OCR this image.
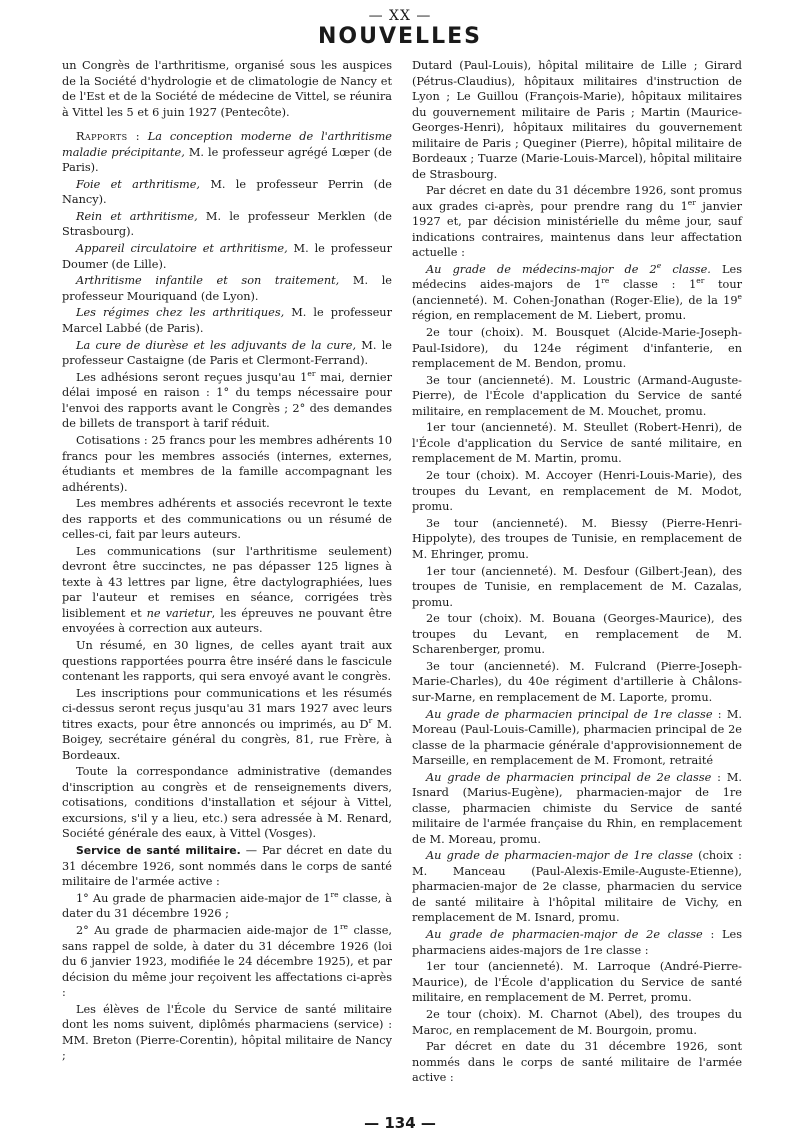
— XX —
NOUVELLES

un Congrès de l'arthritisme, organisé sous les auspices de la Société d'hydrologie et de climatologie de Nancy et de l'Est et de la Société de médecine de Vittel, se réunira à Vittel les 5 et 6 juin 1927 (Pentecôte).

Rapports : La conception moderne de l'arthritisme maladie précipitante, M. le professeur agrégé Lœper (de Paris).

Foie et arthritisme, M. le professeur Perrin (de Nancy).

Rein et arthritisme, M. le professeur Merklen (de Strasbourg).

Appareil circulatoire et arthritisme, M. le professeur Doumer (de Lille).

Arthritisme infantile et son traitement, M. le professeur Mouriquand (de Lyon).

Les régimes chez les arthritiques, M. le professeur Marcel Labbé (de Paris).

La cure de diurèse et les adjuvants de la cure, M. le professeur Castaigne (de Paris et Clermont-Ferrand).

Les adhésions seront reçues jusqu'au 1er mai, dernier délai imposé en raison : 1° du temps nécessaire pour l'envoi des rapports avant le Congrès ; 2° des demandes de billets de transport à tarif réduit.

Cotisations : 25 francs pour les membres adhérents 10 francs pour les membres associés (internes, externes, étudiants et membres de la famille accompagnant les adhérents).

Les membres adhérents et associés recevront le texte des rapports et des communications ou un résumé de celles-ci, fait par leurs auteurs.

Les communications (sur l'arthritisme seulement) devront être succinctes, ne pas dépasser 125 lignes à texte à 43 lettres par ligne, être dactylographiées, lues par l'auteur et remises en séance, corrigées très lisiblement et ne varietur, les épreuves ne pouvant être envoyées à correction aux auteurs.

Un résumé, en 30 lignes, de celles ayant trait aux questions rapportées pourra être inséré dans le fascicule contenant les rapports, qui sera envoyé avant le congrès.

Les inscriptions pour communications et les résumés ci-dessus seront reçus jusqu'au 31 mars 1927 avec leurs titres exacts, pour être annoncés ou imprimés, au $D^r$ M. Boigey, secrétaire général du congrès, 81, rue Frère, à Bordeaux.

Toute la correspondance administrative (demandes d'inscription au congrès et de renseignements divers, cotisations, conditions d'installation et séjour à Vittel, excursions, s'il y a lieu, etc.) sera adressée à M. Renard, Société générale des eaux, à Vittel (Vosges).

Service de santé militaire. — Par décret en date du 31 décembre 1926, sont nommés dans le corps de santé militaire de l'armée active :

1° Au grade de pharmacien aide-major de 1re classe, à dater du 31 décembre 1926 ;

2° Au grade de pharmacien aide-major de 1re classe, sans rappel de solde, à dater du 31 décembre 1926 (loi du 6 janvier 1923, modifiée le 24 décembre 1925), et par décision du même jour reçoivent les affectations ci-après :

Les élèves de l'École du Service de santé militaire dont les noms suivent, diplômés pharmaciens (service) : MM. Breton (Pierre-Corentin), hôpital militaire de Nancy ;

Dutard (Paul-Louis), hôpital militaire de Lille ; Girard (Pétrus-Claudius), hôpitaux militaires d'instruction de Lyon ; Le Guillou (François-Marie), hôpitaux militaires du gouvernement militaire de Paris ; Martin (Maurice-Georges-Henri), hôpitaux militaires du gouvernement militaire de Paris ; Queginer (Pierre), hôpital militaire de Bordeaux ; Tuarze (Marie-Louis-Marcel), hôpital militaire de Strasbourg.

Par décret en date du 31 décembre 1926, sont promus aux grades ci-après, pour prendre rang du 1er janvier 1927 et, par décision ministérielle du même jour, sauf indications contraires, maintenus dans leur affectation actuelle :

Au grade de médecins-major de 2e classe. Les médecins aides-majors de 1re classe : 1er tour (ancienneté). M. Cohen-Jonathan (Roger-Elie), de la 19e région, en remplacement de M. Liebert, promu.

2e tour (choix). M. Bousquet (Alcide-Marie-Joseph-Paul-Isidore), du 124e régiment d'infanterie, en remplacement de M. Bendon, promu.

3e tour (ancienneté). M. Loustric (Armand-Auguste-Pierre), de l'École d'application du Service de santé militaire, en remplacement de M. Mouchet, promu.

1er tour (ancienneté). M. Steullet (Robert-Henri), de l'École d'application du Service de santé militaire, en remplacement de M. Martin, promu.

2e tour (choix). M. Accoyer (Henri-Louis-Marie), des troupes du Levant, en remplacement de M. Modot, promu.

3e tour (ancienneté). M. Biessy (Pierre-Henri-Hippolyte), des troupes de Tunisie, en remplacement de M. Ehringer, promu.

1er tour (ancienneté). M. Desfour (Gilbert-Jean), des troupes de Tunisie, en remplacement de M. Cazalas, promu.

2e tour (choix). M. Bouana (Georges-Maurice), des troupes du Levant, en remplacement de M. Scharenberger, promu.

3e tour (ancienneté). M. Fulcrand (Pierre-Joseph-Marie-Charles), du 40e régiment d'artillerie à Châlons-sur-Marne, en remplacement de M. Laporte, promu.

Au grade de pharmacien principal de 1re classe : M. Moreau (Paul-Louis-Camille), pharmacien principal de 2e classe de la pharmacie générale d'approvisionnement de Marseille, en remplacement de M. Fromont, retraité

Au grade de pharmacien principal de 2e classe : M. Isnard (Marius-Eugène), pharmacien-major de 1re classe, pharmacien chimiste du Service de santé militaire de l'armée française du Rhin, en remplacement de M. Moreau, promu.

Au grade de pharmacien-major de 1re classe (choix : M. Manceau (Paul-Alexis-Emile-Auguste-Etienne), pharmacien-major de 2e classe, pharmacien du service de santé militaire à l'hôpital militaire de Vichy, en remplacement de M. Isnard, promu.

Au grade de pharmacien-major de 2e classe : Les pharmaciens aides-majors de 1re classe :

1er tour (ancienneté). M. Larroque (André-Pierre-Maurice), de l'École d'application du Service de santé militaire, en remplacement de M. Perret, promu.

2e tour (choix). M. Charnot (Abel), des troupes du Maroc, en remplacement de M. Bourgoin, promu.

Par décret en date du 31 décembre 1926, sont nommés dans le corps de santé militaire de l'armée active :

— 134 —
